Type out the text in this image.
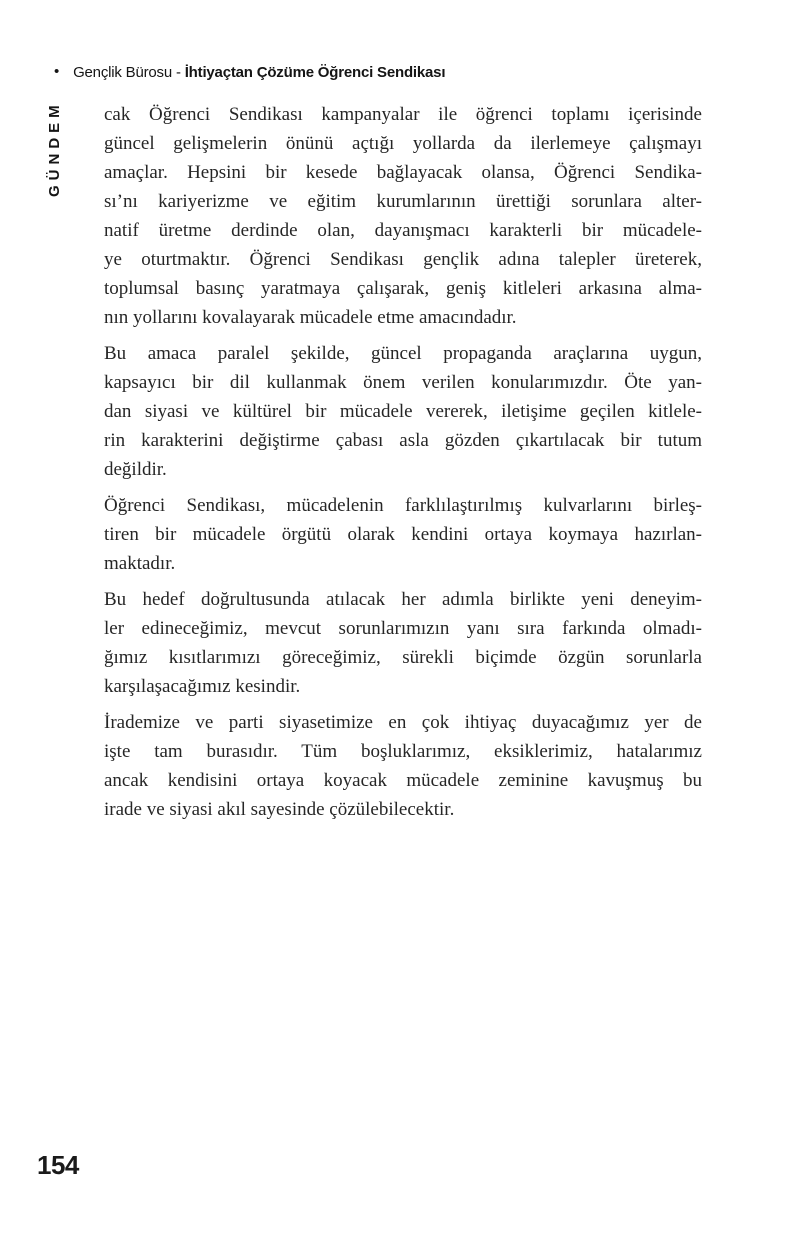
• Gençlik Bürosu - İhtiyaçtan Çözüme Öğrenci Sendikası
GÜNDEM cak Öğrenci Sendikası kampanyalar ile öğrenci toplamı içerisinde
güncel gelişmelerin önünü açtığı yollarda da ilerlemeye çalışmayı
amaçlar. Hepsini bir kesede bağlayacak olansa, Öğrenci Sendika-
sı’nı kariyerizme ve eğitim kurumlarının ürettiği sorunlara alter-
natif üretme derdinde olan, dayanışmacı karakterli bir mücadele-
ye oturtmaktır. Öğrenci Sendikası gençlik adına talepler üreterek,
toplumsal basınç yaratmaya çalışarak, geniş kitleleri arkasına alma-
nın yollarını kovalayarak mücadele etme amacındadır.
Bu amaca paralel şekilde, güncel propaganda araçlarına uygun,
kapsayıcı bir dil kullanmak önem verilen konularımızdır. Öte yan-
dan siyasi ve kültürel bir mücadele vererek, iletişime geçilen kitlele-
rin karakterini değiştirme çabası asla gözden çıkartılacak bir tutum
değildir.
Öğrenci Sendikası, mücadelenin farklılaştırılmış kulvarlarını birleş-
tiren bir mücadele örgütü olarak kendini ortaya koymaya hazırlan-
maktadır.
Bu hedef doğrultusunda atılacak her adımla birlikte yeni deneyim-
ler edineceğimiz, mevcut sorunlarımızın yanı sıra farkında olmadı-
ğımız kısıtlarımızı göreceğimiz, sürekli biçimde özgün sorunlarla
karşılaşacağımız kesindir.
İrademize ve parti siyasetimize en çok ihtiyaç duyacağımız yer de
işte tam burasıdır. Tüm boşluklarımız, eksiklerimiz, hatalarımız
ancak kendisini ortaya koyacak mücadele zeminine kavuşmuş bu
irade ve siyasi akıl sayesinde çözülebilecektir.
154
